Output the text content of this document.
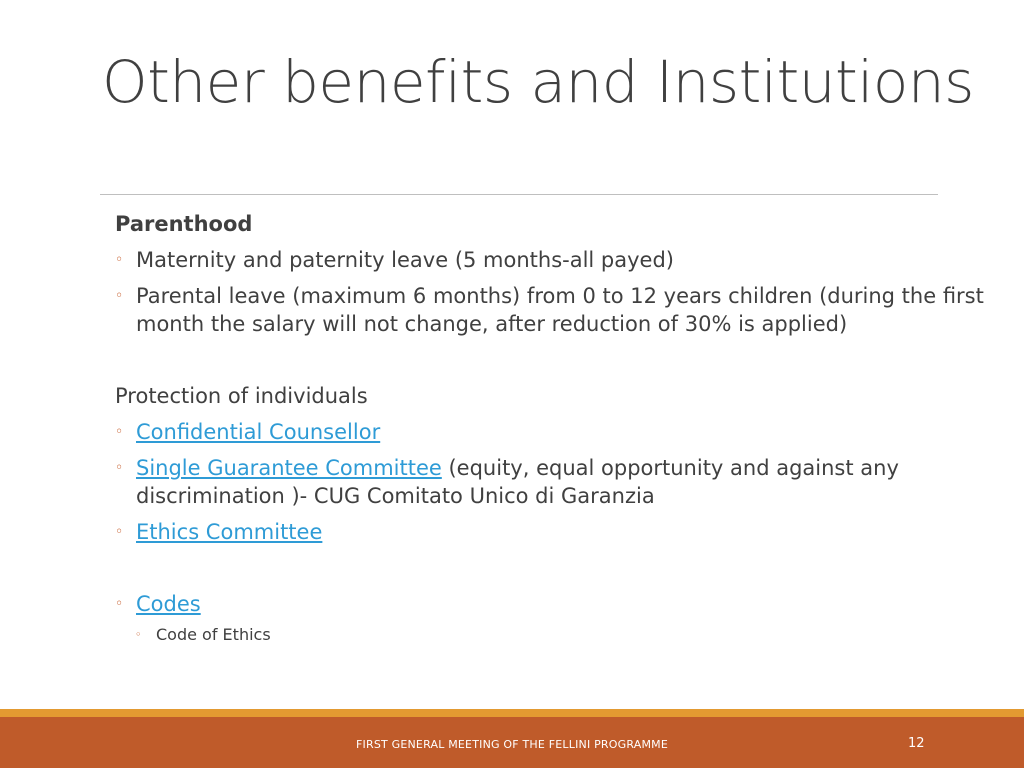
Other benefits and Institutions
Parenthood
◦ Maternity and paternity leave (5 months-all payed)
◦ Parental leave (maximum 6 months) from 0 to 12 years children (during the first month the salary will not change, after reduction of 30% is applied)
Protection of individuals
◦ Confidential Counsellor
◦ Single Guarantee Committee (equity, equal opportunity and against any discrimination )- CUG Comitato Unico di Garanzia
◦ Ethics Committee
◦ Codes
◦ Code of Ethics
FIRST GENERAL MEETING OF THE FELLINI PROGRAMME	12
